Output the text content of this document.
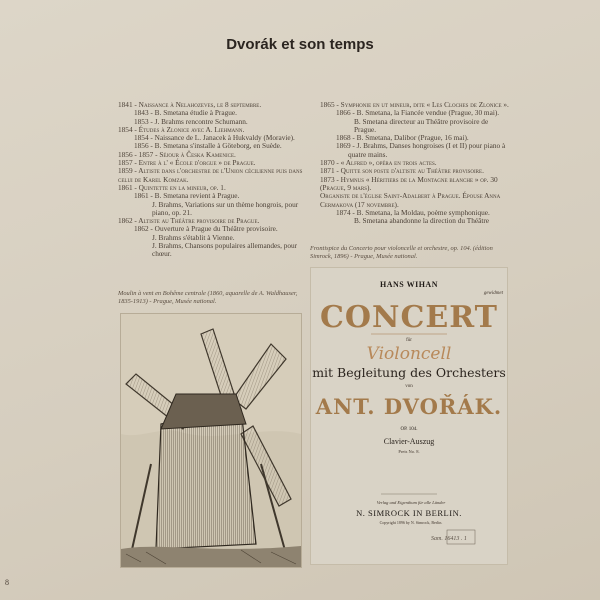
Dvorák et son temps

1841 - Naissance à Nelahozeves, le 8 septembre.

1843 - B. Smetana étudie à Prague.

1853 - J. Brahms rencontre Schumann.

1854 - Études à Zlonice avec A. Liehmann.

1854 - Naissance de L. Janacek à Hukvaldy (Moravie).

1856 - B. Smetana s'installe à Göteborg, en Suède.

1856 - 1857 - Séjour à Česka Kamenice.

1857 - Entre à l' « École d'orgue » de Prague.

1859 - Altiste dans l'orchestre de l'Union cécilienne puis dans celui de Karel Komzak.

1861 - Quintette en la mineur, op. 1.

1861 - B. Smetana revient à Prague.

J. Brahms, Variations sur un thème hongrois, pour piano, op. 21.

1862 - Altiste au Théâtre provisoire de Prague.

1862 - Ouverture à Prague du Théâtre provisoire.

J. Brahms s'établit à Vienne.

J. Brahms, Chansons populaires allemandes, pour chœur.

1865 - Symphonie en ut mineur, dite « Les Cloches de Zlonice ».

1866 - B. Smetana, la Fiancée vendue (Prague, 30 mai).

B. Smetana directeur au Théâtre provisoire de Prague.

1868 - B. Smetana, Dalibor (Prague, 16 mai).

1869 - J. Brahms, Danses hongroises (I et II) pour piano à quatre mains.

1870 - « Alfred », opéra en trois actes.

1871 - Quitte son poste d'altiste au Théâtre provisoire.

1873 - Hymnus « Héritiers de la Montagne blanche » op. 30 (Prague, 9 mars).

Organiste de l'église Saint-Adalbert à Prague. Épouse Anna Cermakova (17 novembre).

1874 - B. Smetana, la Moldau, poème symphonique.

B. Smetana abandonne la direction du Théâtre

Moulin à vent en Bohême centrale (1860, aquarelle de A. Waldhauser, 1835-1913) - Prague, Musée national.
Frontispice du Concerto pour violoncelle et orchestre, op. 104. (édition Simrock, 1896) - Prague, Musée national.
HANS WIHAN
gewidmet
CONCERT
für
Violoncell
mit Begleitung des Orchesters
von
ANT. DVOŘÁK.
OP. 104.
Clavier-Auszug
Preis No. 8.
Verlag und Eigenthum für alle Länder
N. SIMROCK IN BERLIN.
Copyright 1896 by N. Simrock, Berlin.
Sam. 16413 . 1
8
